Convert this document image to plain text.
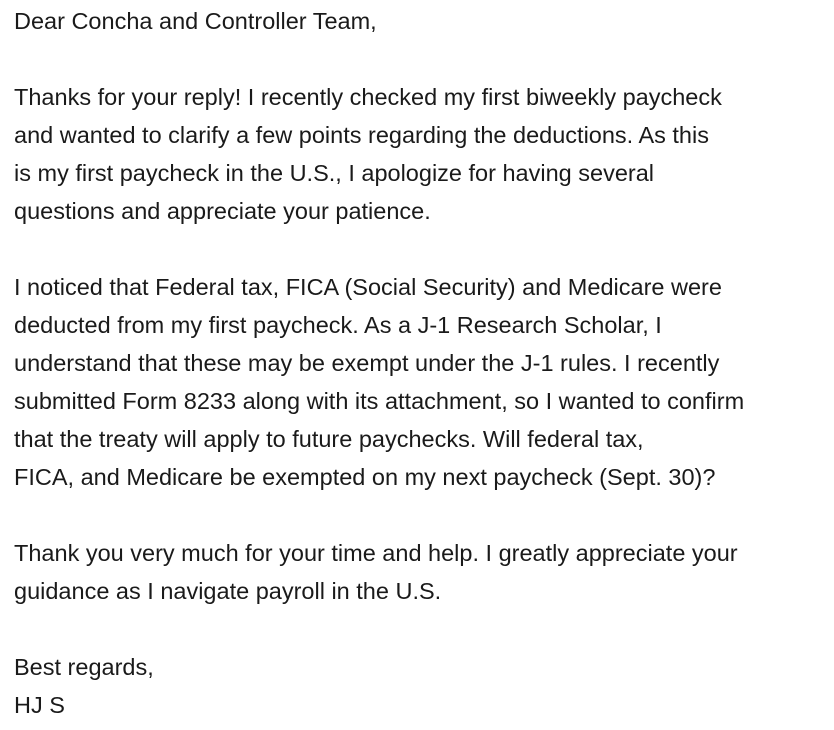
Dear Concha and Controller Team,
Thanks for your reply! I recently checked my first biweekly paycheck
and wanted to clarify a few points regarding the deductions. As this
is my first paycheck in the U.S., I apologize for having several
questions and appreciate your patience.
I noticed that Federal tax, FICA (Social Security) and Medicare were
deducted from my first paycheck. As a J-1 Research Scholar, I
understand that these may be exempt under the J-1 rules. I recently
submitted Form 8233 along with its attachment, so I wanted to confirm
that the treaty will apply to future paychecks. Will federal tax,
FICA, and Medicare be exempted on my next paycheck (Sept. 30)?
Thank you very much for your time and help. I greatly appreciate your
guidance as I navigate payroll in the U.S.
Best regards,
HJ S
